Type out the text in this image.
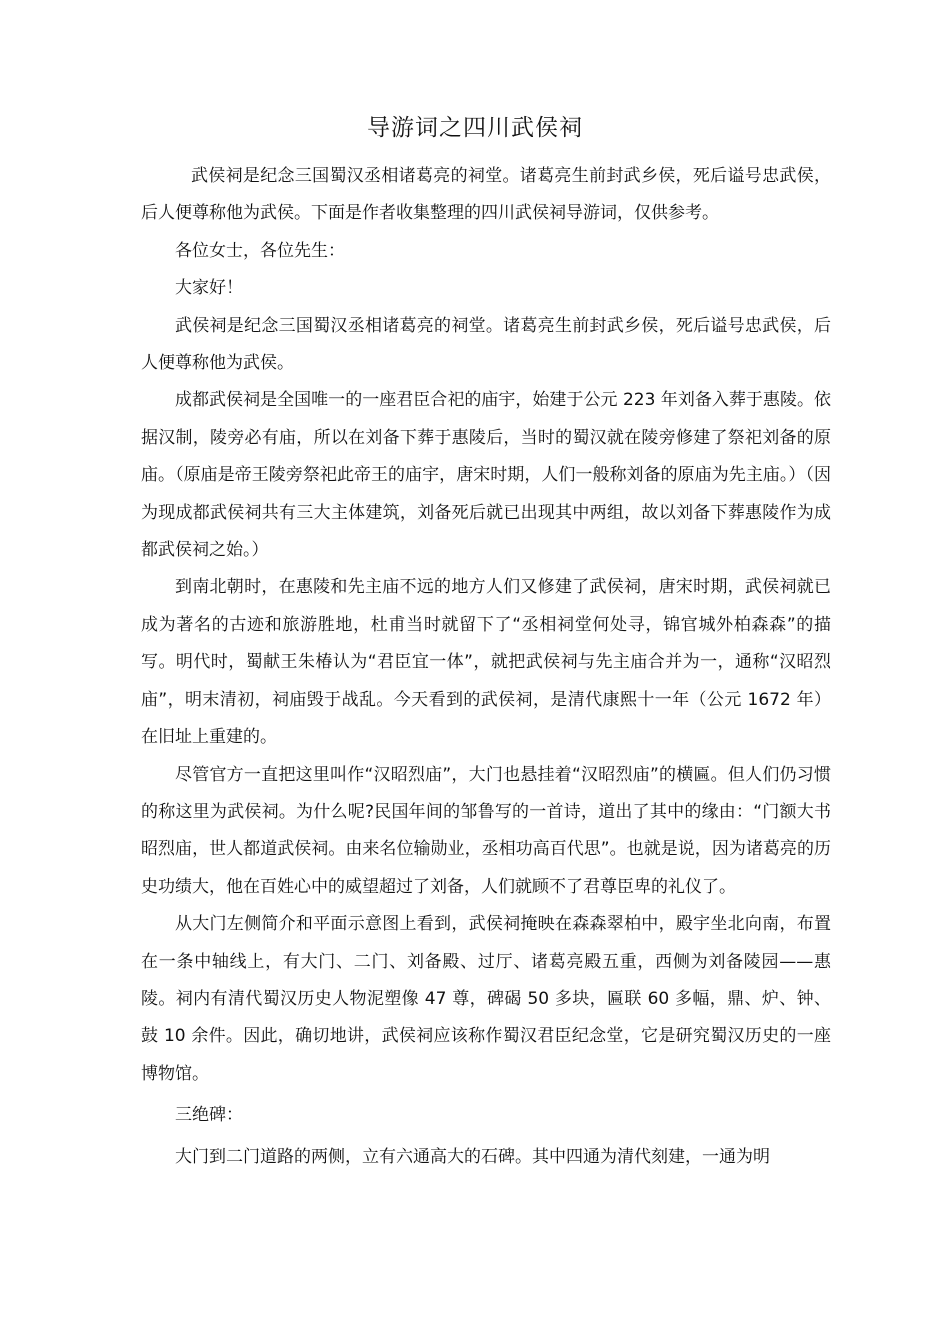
导游词之四川武侯祠

武侯祠是纪念三国蜀汉丞相诸葛亮的祠堂。诸葛亮生前封武乡侯，死后谥号忠武侯，后人便尊称他为武侯。下面是作者收集整理的四川武侯祠导游词，仅供参考。

各位女士，各位先生：

大家好！

武侯祠是纪念三国蜀汉丞相诸葛亮的祠堂。诸葛亮生前封武乡侯，死后谥号忠武侯，后人便尊称他为武侯。

成都武侯祠是全国唯一的一座君臣合祀的庙宇，始建于公元 223 年刘备入葬于惠陵。依据汉制，陵旁必有庙，所以在刘备下葬于惠陵后，当时的蜀汉就在陵旁修建了祭祀刘备的原庙。（原庙是帝王陵旁祭祀此帝王的庙宇，唐宋时期，人们一般称刘备的原庙为先主庙。）（因为现成都武侯祠共有三大主体建筑，刘备死后就已出现其中两组，故以刘备下葬惠陵作为成都武侯祠之始。）

到南北朝时，在惠陵和先主庙不远的地方人们又修建了武侯祠，唐宋时期，武侯祠就已成为著名的古迹和旅游胜地，杜甫当时就留下了“丞相祠堂何处寻，锦官城外柏森森”的描写。明代时，蜀献王朱椿认为“君臣宜一体”，就把武侯祠与先主庙合并为一，通称“汉昭烈庙”，明末清初，祠庙毁于战乱。今天看到的武侯祠，是清代康熙十一年（公元 1672 年）在旧址上重建的。

尽管官方一直把这里叫作“汉昭烈庙”，大门也悬挂着“汉昭烈庙”的横匾。但人们仍习惯的称这里为武侯祠。为什么呢?民国年间的邹鲁写的一首诗，道出了其中的缘由：“门额大书昭烈庙，世人都道武侯祠。由来名位输勋业，丞相功高百代思”。也就是说，因为诸葛亮的历史功绩大，他在百姓心中的威望超过了刘备，人们就顾不了君尊臣卑的礼仪了。

从大门左侧简介和平面示意图上看到，武侯祠掩映在森森翠柏中，殿宇坐北向南，布置在一条中轴线上，有大门、二门、刘备殿、过厅、诸葛亮殿五重，西侧为刘备陵园——惠陵。祠内有清代蜀汉历史人物泥塑像 47 尊，碑碣 50 多块，匾联 60 多幅，鼎、炉、钟、鼓 10 余件。因此，确切地讲，武侯祠应该称作蜀汉君臣纪念堂，它是研究蜀汉历史的一座博物馆。

三绝碑：

大门到二门道路的两侧，立有六通高大的石碑。其中四通为清代刻建，一通为明
